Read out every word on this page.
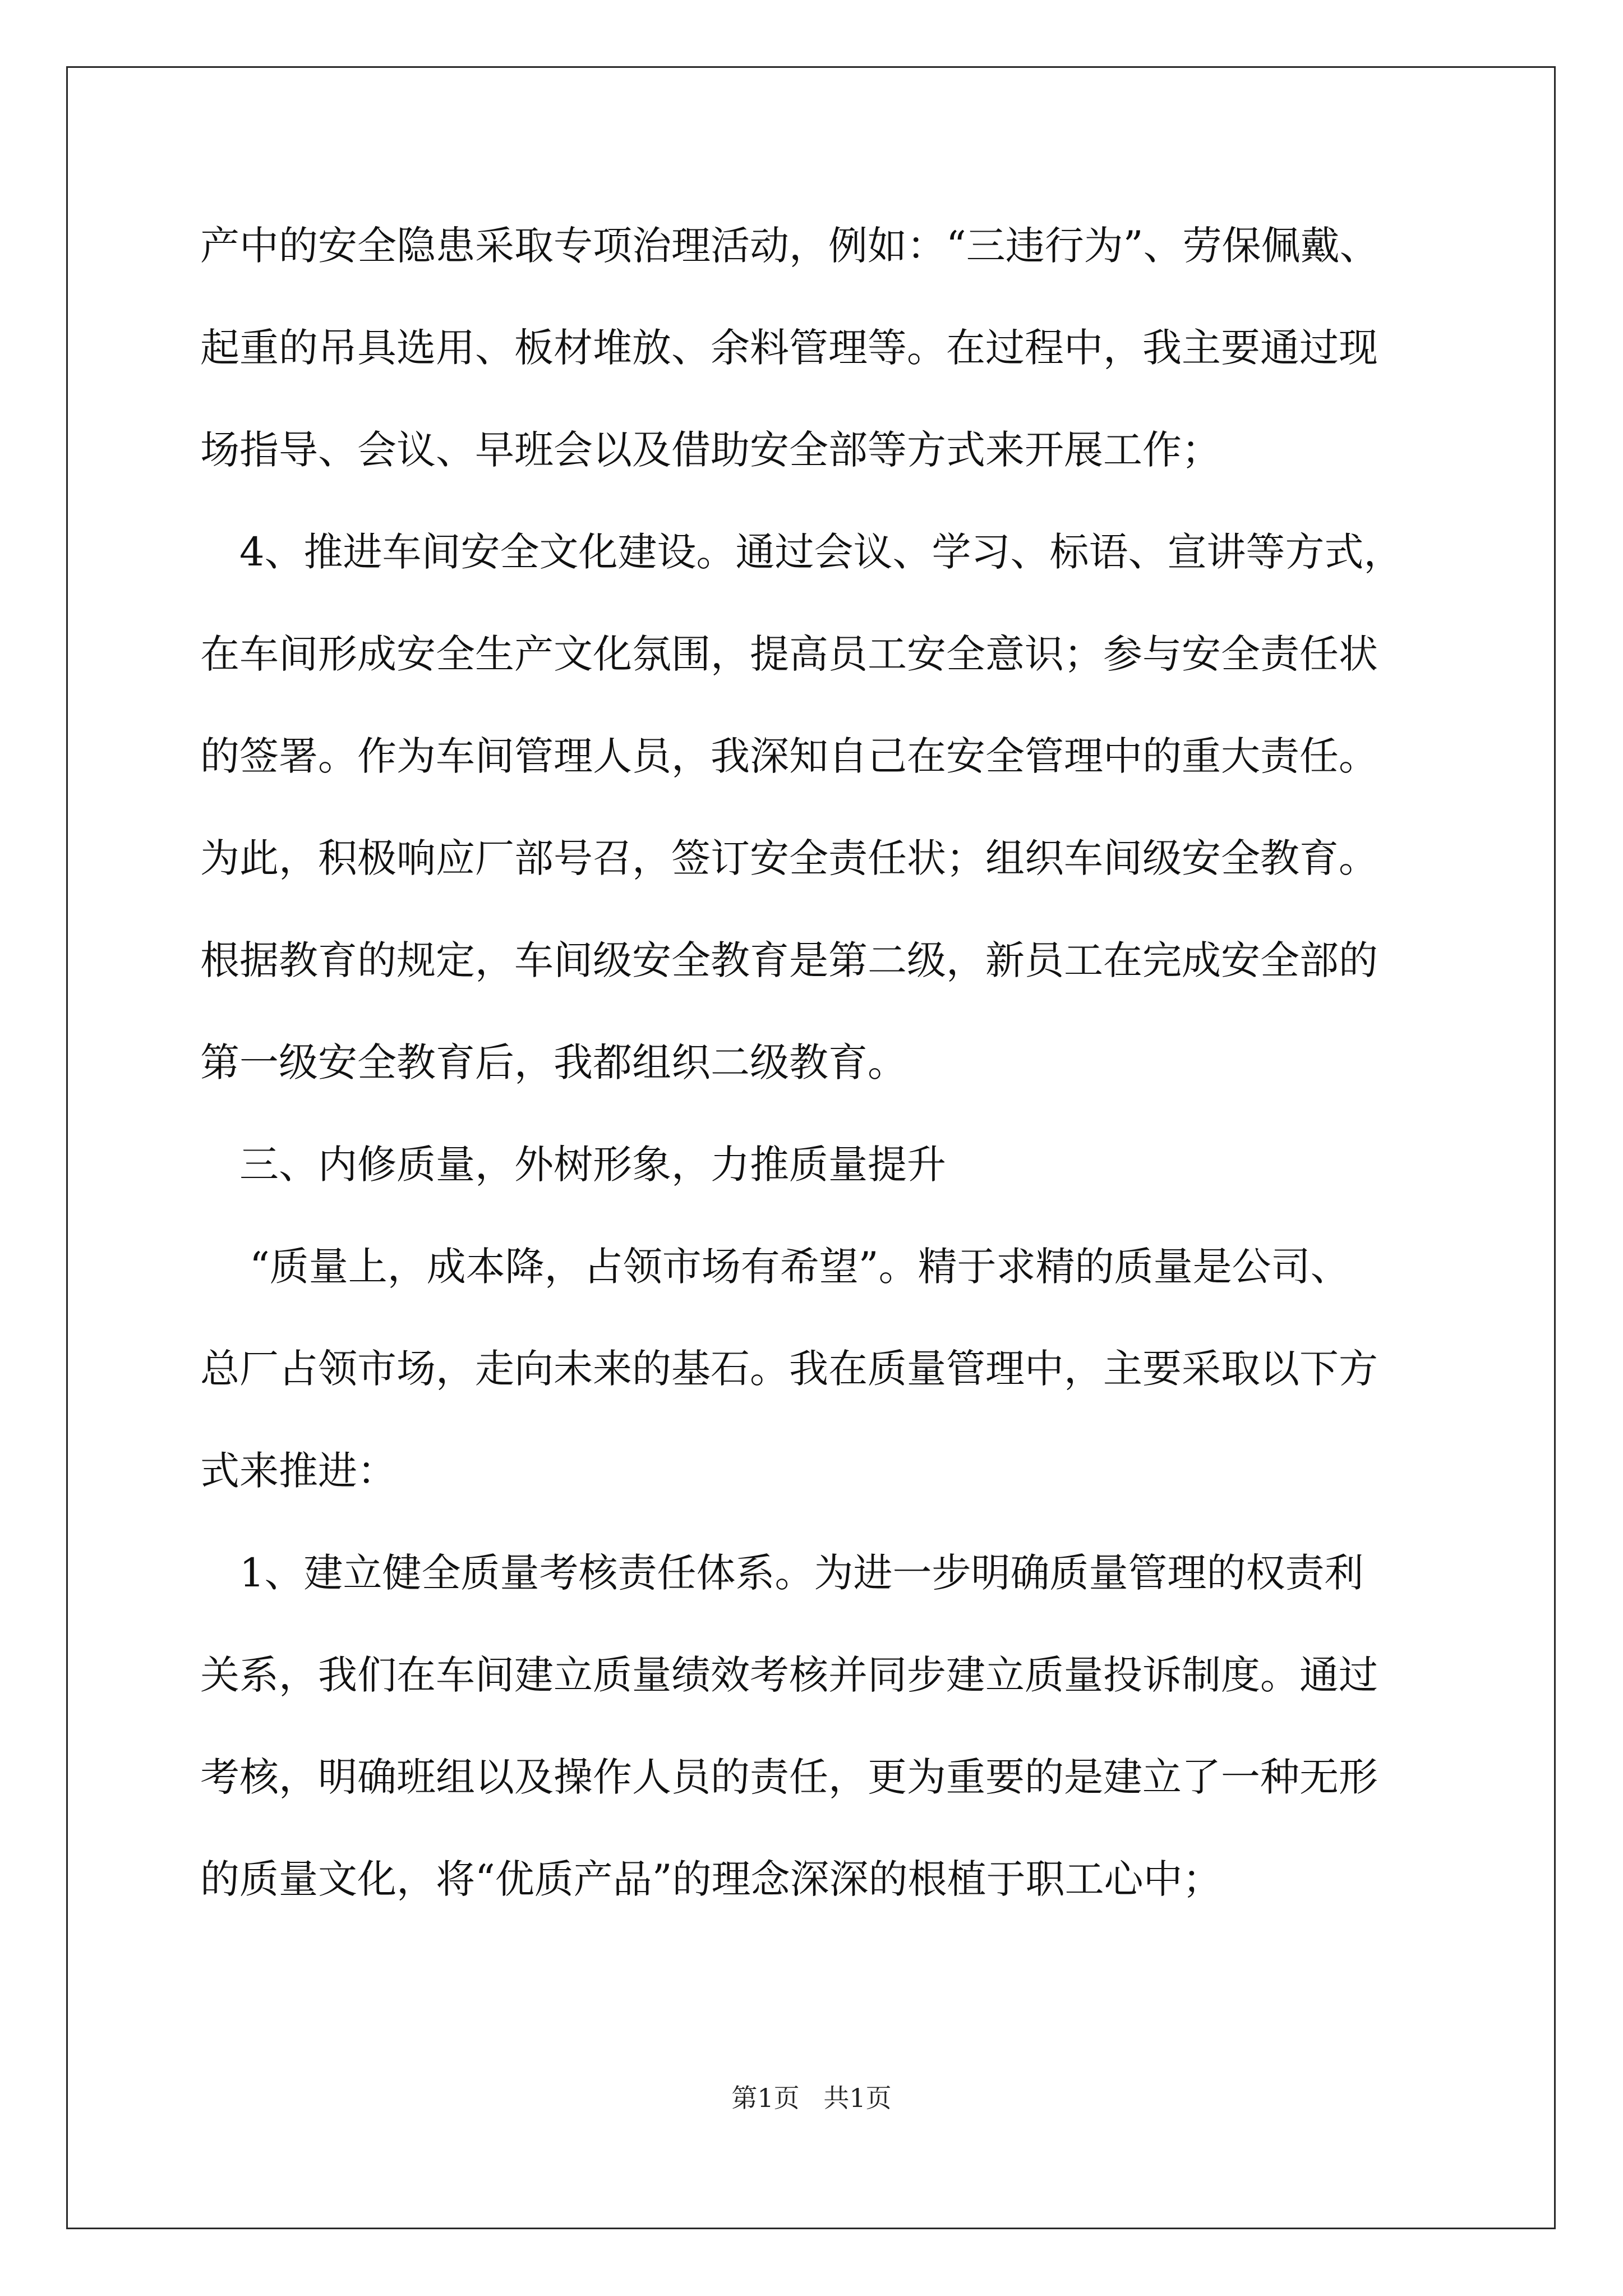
产中的安全隐患采取专项治理活动，例如：“三违行为”、劳保佩戴、
起重的吊具选用、板材堆放、余料管理等。在过程中，我主要通过现
场指导、会议、早班会以及借助安全部等方式来开展工作；
　4、推进车间安全文化建设。通过会议、学习、标语、宣讲等方式，
在车间形成安全生产文化氛围，提高员工安全意识；参与安全责任状
的签署。作为车间管理人员，我深知自己在安全管理中的重大责任。
为此，积极响应厂部号召，签订安全责任状；组织车间级安全教育。
根据教育的规定，车间级安全教育是第二级，新员工在完成安全部的
第一级安全教育后，我都组织二级教育。
　三、内修质量，外树形象，力推质量提升
“质量上，成本降，占领市场有希望”。精于求精的质量是公司、
总厂占领市场，走向未来的基石。我在质量管理中，主要采取以下方
式来推进：
　1、建立健全质量考核责任体系。为进一步明确质量管理的权责利
关系，我们在车间建立质量绩效考核并同步建立质量投诉制度。通过
考核，明确班组以及操作人员的责任，更为重要的是建立了一种无形
的质量文化，将“优质产品”的理念深深的根植于职工心中；
第1页 共1页
